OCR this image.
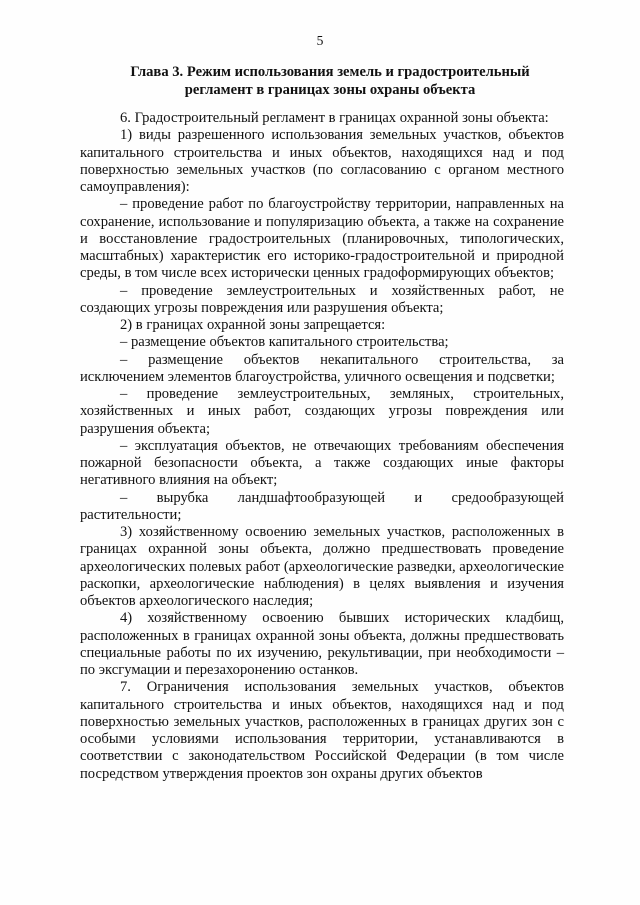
5
Глава 3. Режим использования земель и градостроительный
регламент в границах зоны охраны объекта

6. Градостроительный регламент в границах охранной зоны объекта:

1) виды разрешенного использования земельных участков, объектов капитального строительства и иных объектов, находящихся над и под поверхностью земельных участков (по согласованию с органом местного самоуправления):

– проведение работ по благоустройству территории, направленных на сохранение, использование и популяризацию объекта, а также на сохранение и восстановление градостроительных (планировочных, типологических, масштабных) характеристик его историко-градостроительной и природной среды, в том числе всех исторически ценных градоформирующих объектов;

– проведение землеустроительных и хозяйственных работ, не создающих угрозы повреждения или разрушения объекта;

2) в границах охранной зоны запрещается:

– размещение объектов капитального строительства;

– размещение объектов некапитального строительства, за исключением элементов благоустройства, уличного освещения и подсветки;

– проведение землеустроительных, земляных, строительных, хозяйственных и иных работ, создающих угрозы повреждения или разрушения объекта;

– эксплуатация объектов, не отвечающих требованиям обеспечения пожарной безопасности объекта, а также создающих иные факторы негативного влияния на объект;

– вырубка ландшафтообразующей и средообразующей растительности;

3) хозяйственному освоению земельных участков, расположенных в границах охранной зоны объекта, должно предшествовать проведение археологических полевых работ (археологические разведки, археологические раскопки, археологические наблюдения) в целях выявления и изучения объектов археологического наследия;

4) хозяйственному освоению бывших исторических кладбищ, расположенных в границах охранной зоны объекта, должны предшествовать специальные работы по их изучению, рекультивации, при необходимости – по эксгумации и перезахоронению останков.

7. Ограничения использования земельных участков, объектов капитального строительства и иных объектов, находящихся над и под поверхностью земельных участков, расположенных в границах других зон с особыми условиями использования территории, устанавливаются в соответствии с законодательством Российской Федерации (в том числе посредством утверждения проектов зон охраны других объектов
